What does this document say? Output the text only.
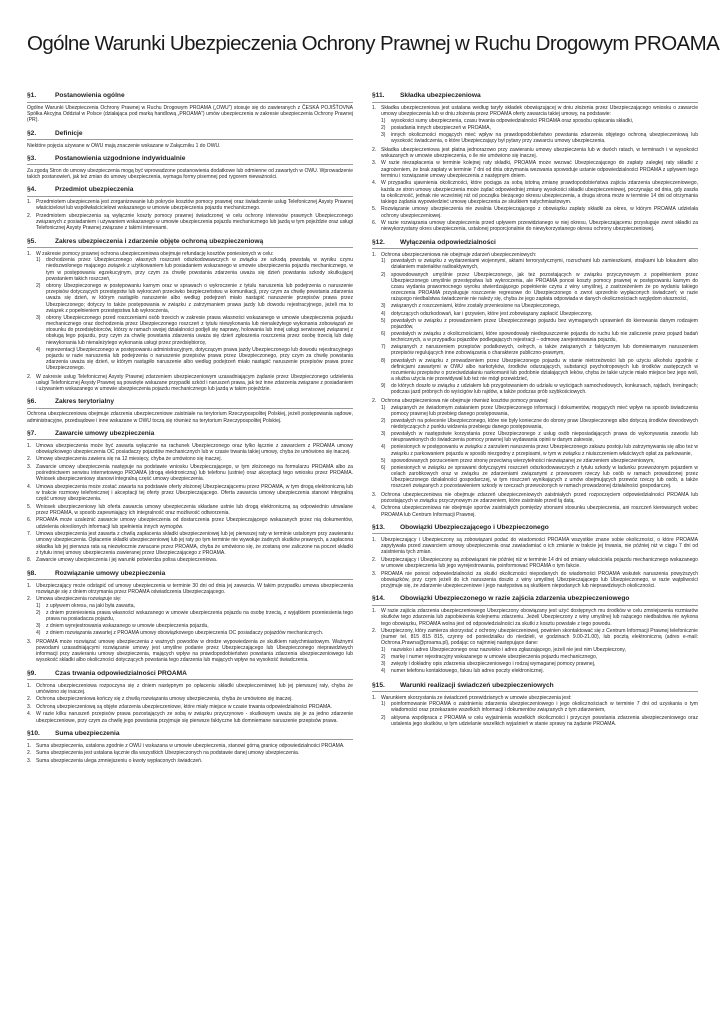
Ogólne Warunki Ubezpieczenia Ochrony Prawnej w Ruchu Drogowym PROAMA
§1.	Postanowienia ogólne

Ogólne Warunki Ubezpieczenia Ochrony Prawnej w Ruchu Drogowym PROAMA („OWU”) stosuje się do zawieranych z ČESKÁ POJIŠŤOVNA Spółka Akcyjna Oddział w Polsce (działająca pod marką handlową „PROAMA”) umów ubezpieczenia w zakresie ubezpieczenia Ochrony Prawnej (PR).

§2.	Definicje

Niektóre pojęcia używane w OWU mają znaczenie wskazane w Załączniku 1 do OWU.

§3.	Postanowienia uzgodnione indywidualnie

Za zgodą Stron do umowy ubezpieczenia mogą być wprowadzone postanowienia dodatkowe lub odmienne od zawartych w OWU. Wprowadzenie takich postanowień, jak też zmian do umowy ubezpieczenia, wymaga formy pisemnej pod rygorem nieważności.

§4.	Przedmiot ubezpieczenia
1. Przedmiotem ubezpieczenia jest zorganizowanie lub pokrycie kosztów pomocy prawnej oraz świadczenie usług Telefonicznej Asysty Prawnej właścicielowi lub współwłaścicielowi wskazanego w umowie ubezpieczenia pojazdu mechanicznego.
2. Przedmiotem ubezpieczenia są wyłącznie koszty pomocy prawnej świadczonej w celu ochrony interesów prawnych Ubezpieczonego związanych z posiadaniem i używaniem wskazanego w umowie ubezpieczenia pojazdu mechanicznego lub jazdą w tym pojeździe oraz usługi Telefonicznej Asysty Prawnej związane z takimi interesami.
§5.	Zakres ubezpieczenia i zdarzenie objęte ochroną ubezpieczeniową
1. W zakresie pomocy prawnej ochrona ubezpieczeniowa obejmuje refundację kosztów poniesionych w celu:
1)	dochodzenia przez Ubezpieczonego własnych roszczeń odszkodowawczych w związku ze szkodą powstałą w wyniku czynu niedozwolonego mającego związek z użytkowaniem lub posiadaniem wskazanego w umowie ubezpieczenia pojazdu mechanicznego, w tym w postępowaniu egzekucyjnym, przy czym za chwilę powstania zdarzenia uważa się dzień powstania szkody skutkującej powstaniem takich roszczeń,
2)	obrony Ubezpieczonego w postępowaniu karnym oraz w sprawach o wykroczenie z tytułu naruszenia lub podejrzenia o naruszenie przepisów dotyczących przestępstw lub wykroczeń przeciwko bezpieczeństwu w komunikacji, przy czym za chwilę powstania zdarzenia uważa się dzień, w którym nastąpiło naruszenie albo według podejrzeń miało nastąpić naruszenie przepisów prawa przez Ubezpieczonego; dotyczy to także postępowania w związku z zatrzymaniem prawa jazdy lub dowodu rejestracyjnego, jeżeli ma to związek z popełnieniem przestępstwa lub wykroczenia,
3)	obrony Ubezpieczonego przed roszczeniami osób trzecich w zakresie prawa własności wskazanego w umowie ubezpieczenia pojazdu mechanicznego oraz dochodzenia przez Ubezpieczonego roszczeń z tytułu niewykonania lub nienależytego wykonania zobowiązań ze stosunku do przedsiębiorców, którzy w ramach swojej działalności podjęli się naprawy, holowania lub innej usługi serwisowej związanej z obsługą tego pojazdu, przy czym za chwilę powstania zdarzenia uważa się dzień zgłoszenia roszczenia przez osobę trzecią lub datę niewykonania lub nienależytego wykonania usługi przez przedsiębiorcę,
4)	reprezentacji Ubezpieczonego w postępowaniu administracyjnym, dotyczącym prawa jazdy Ubezpieczonego lub dowodu rejestracyjnego pojazdu w razie naruszenia lub podejrzenia o naruszenie przepisów prawa przez Ubezpieczonego, przy czym za chwilę powstania zdarzenia uważa się dzień, w którym nastąpiło naruszenie albo według podejrzeń miało nastąpić naruszenie przepisów prawa przez Ubezpieczonego.
2. W zakresie usług Telefonicznej Asysty Prawnej zdarzeniem ubezpieczeniowym uzasadniającym żądanie przez Ubezpieczonego udzielenia usługi Telefonicznej Asysty Prawnej są powzięte wskazane przypadki szkód i naruszeń prawa, jak też inne zdarzenia związane z posiadaniem i używaniem wskazanego w umowie ubezpieczenia pojazdu mechanicznego lub jazdą w takim pojeździe.
§6.	Zakres terytorialny

Ochrona ubezpieczeniowa obejmuje zdarzenia ubezpieczeniowe zaistniałe na terytorium Rzeczypospolitej Polskiej, jeżeli postępowania sądowe, administracyjne, przedsądowe i inne wskazane w OWU toczą się również na terytorium Rzeczypospolitej Polskiej.

§7.	Zawarcie umowy ubezpieczenia
1. Umowa ubezpieczenia może być zawarta wyłącznie na rachunek Ubezpieczonego oraz tylko łącznie z zawarciem z PROAMA umowy obowiązkowego ubezpieczenia OC posiadaczy pojazdów mechanicznych lub w czasie trwania takiej umowy, chyba że umówiono się inaczej.
2. Umowę ubezpieczenia zawiera się na 12 miesięcy, chyba że umówiono się inaczej.
3. Zawarcie umowy ubezpieczenia następuje na podstawie wniosku Ubezpieczającego, w tym złożonego na formularzu PROAMA albo za pośrednictwem serwisu internetowego PROAMA (drogą elektroniczną) lub telefonu (ustnie) oraz akceptacji tego wniosku przez PROAMA. Wniosek ubezpieczeniowy stanowi integralną część umowy ubezpieczenia.
4. Umowa ubezpieczenia może zostać zawarta na podstawie oferty złożonej Ubezpieczającemu przez PROAMA, w tym drogą elektroniczną lub w trakcie rozmowy telefonicznej i akceptacji tej oferty przez Ubezpieczającego. Oferta zawarcia umowy ubezpieczenia stanowi integralną część umowy ubezpieczenia.
5. Wniosek ubezpieczeniowy lub oferta zawarcia umowy ubezpieczenia składane ustnie lub drogą elektroniczną są odpowiednio utrwalane przez PROAMA, w sposób zapewniający ich integralność oraz możliwość odtworzenia.
6. PROAMA może uzależnić zawarcie umowy ubezpieczenia od dostarczenia przez Ubezpieczającego wskazanych przez nią dokumentów, udzielenia określonych informacji lub spełnienia innych wymogów.
7. Umowa ubezpieczenia jest zawarta z chwilą zapłacenia składki ubezpieczeniowej lub jej pierwszej raty w terminie ustalonym przy zawieraniu umowy ubezpieczenia. Opłacenie składki ubezpieczeniowej lub jej raty po tym terminie nie wywołuje żadnych skutków prawnych, a zapłacona składka lub jej pierwsza rata są niezwłocznie zwracane przez PROAMA, chyba że umówiono się, że zostaną one zaliczone na poczet składki z tytułu innej umowy ubezpieczenia zawieranej przez Ubezpieczającego z PROAMA.
8. Zawarcie umowy ubezpieczenia i jej warunki potwierdza polisa ubezpieczeniowa.
§8.	Rozwiązanie umowy ubezpieczenia
1. Ubezpieczający może odstąpić od umowy ubezpieczenia w terminie 30 dni od dnia jej zawarcia. W takim przypadku umowa ubezpieczenia rozwiązuje się z dniem otrzymania przez PROAMA oświadczenia Ubezpieczającego.
2. Umowa ubezpieczenia rozwiązuje się:
1)	z upływem okresu, na jaki była zawarta,
2)	z dniem przeniesienia prawa własności wskazanego w umowie ubezpieczenia pojazdu na osobę trzecią, z wyjątkiem przeniesienia tego prawa na posiadacza pojazdu,
3)	z dniem wyrejestrowania wskazanego w umowie ubezpieczenia pojazdu,
4)	z dniem rozwiązania zawartej z PROAMA umowy obowiązkowego ubezpieczenia OC posiadaczy pojazdów mechanicznych.
3. PROAMA może rozwiązać umowę ubezpieczenia z ważnych powodów w drodze wypowiedzenia ze skutkiem natychmiastowym. Ważnymi powodami uzasadniającymi rozwiązanie umowy jest umyślne podanie przez Ubezpieczającego lub Ubezpieczonego nieprawdziwych informacji przy zawieraniu umowy ubezpieczenia, mających wpływ na prawdopodobieństwo powstania zdarzenia ubezpieczeniowego lub wysokość składki albo okoliczności dotyczących powstania tego zdarzenia lub mających wpływ na wysokość świadczenia.
§9.	Czas trwania odpowiedzialności PROAMA
1. Ochrona ubezpieczeniowa rozpoczyna się z dniem następnym po opłaceniu składki ubezpieczeniowej lub jej pierwszej raty, chyba że umówiono się inaczej.
2. Ochrona ubezpieczeniowa kończy się z chwilą rozwiązania umowy ubezpieczenia, chyba że umówiono się inaczej.
3. Ochroną ubezpieczeniową są objęte zdarzenia ubezpieczeniowe, które miały miejsce w czasie trwania odpowiedzialności PROAMA.
4. W razie kilku naruszeń przepisów prawa pozostających ze sobą w związku przyczynowo - skutkowym uważa się je za jedno zdarzenie ubezpieczeniowe, przy czym za chwilę jego powstania przyjmuje się pierwsze faktyczne lub domniemane naruszenie przepisów prawa.
§10.	Suma ubezpieczenia
1. Suma ubezpieczenia, ustalona zgodnie z OWU i wskazana w umowie ubezpieczenia, stanowi górną granicę odpowiedzialności PROAMA.
2. Suma ubezpieczenia jest ustalana łącznie dla wszystkich Ubezpieczonych na podstawie danej umowy ubezpieczenia.
3. Suma ubezpieczenia ulega zmniejszeniu o kwoty wypłaconych świadczeń.
§11.	Składka ubezpieczeniowa
1. Składka ubezpieczeniowa jest ustalana według taryfy składek obowiązującej w dniu złożenia przez Ubezpieczającego wniosku o zawarcie umowy ubezpieczenia lub w dniu złożenia przez PROAMA oferty zawarcia takiej umowy, na podstawie:
1)	wysokości sumy ubezpieczenia, czasu trwania odpowiedzialności PROAMA oraz sposobu opłacania składki,
2)	posiadania innych ubezpieczeń w PROAMA,
3)	innych okoliczności mogących mieć wpływ na prawdopodobieństwo powstania zdarzenia objętego ochroną ubezpieczeniową lub wysokość świadczenia, o które Ubezpieczający był pytany przy zawarciu umowy ubezpieczenia.
2. Składka ubezpieczeniowa jest płatna jednorazowo przy zawieraniu umowy ubezpieczenia lub w dwóch ratach, w terminach i w wysokości wskazanych w umowie ubezpieczenia, o ile nie umówiono się inaczej.
3. W razie niezapłacenia w terminie kolejnej raty składki, PROAMA może wezwać Ubezpieczającego do zapłaty zaległej raty składki z zagrożeniem, że brak zapłaty w terminie 7 dni od dnia otrzymania wezwania spowoduje ustanie odpowiedzialności PROAMA z upływem tego terminu i rozwiązanie umowy ubezpieczenia z następnym dniem.
4. W przypadku ujawnienia okoliczności, które pociąga za sobą istotną zmianę prawdopodobieństwa zajścia zdarzenia ubezpieczeniowego, każda ze stron umowy ubezpieczenia może żądać odpowiedniej zmiany wysokości składki ubezpieczeniowej, poczynając od dnia, gdy zaszła ta okoliczność, jednak nie wcześniej niż od początku bieżącego okresu ubezpieczenia, a druga strona może w terminie 14 dni od otrzymania takiego żądania wypowiedzieć umowę ubezpieczenia ze skutkiem natychmiastowym.
5. Rozwiązanie umowy ubezpieczenia nie zwalnia Ubezpieczającego z obowiązku zapłaty składki za okres, w którym PROAMA udzielała ochrony ubezpieczeniowej.
6. W razie rozwiązania umowy ubezpieczenia przed upływem przewidzianego w niej okresu, Ubezpieczającemu przysługuje zwrot składki za niewykorzystany okres ubezpieczenia, ustalonej proporcjonalnie do niewykorzystanego okresu ochrony ubezpieczeniowej.
§12.	Wyłączenia odpowiedzialności
1. Ochrona ubezpieczeniowa nie obejmuje zdarzeń ubezpieczeniowych:
1)	powstałych w związku z wydarzeniami wojennymi, aktami terrorystycznymi, rozruchami lub zamieszkami, strajkami lub lokautem albo działaniem materiałów radioaktywnych,
2)	spowodowanych umyślnie przez Ubezpieczonego, jak też pozostających w związku przyczynowym z popełnieniem przez Ubezpieczonego umyślnie przestępstwa lub wykroczenia, ale PROAMA ponosi koszty pomocy prawnej w postępowaniu karnym do czasu wydania prawomocnego wyroku stwierdzającego popełnienie czynu z winy umyślnej, z zastrzeżeniem że po wydaniu takiego orzeczenia PROAMA przysługuje roszczenie regresowe do Ubezpieczonego o zwrot uprzednio wypłaconych świadczeń; w razie rażącego niedbalstwa świadczenie nie należy się, chyba że jego zapłata odpowiada w danych okolicznościach względom słuszności,
3)	związanych z roszczeniami, które zostały przeniesione na Ubezpieczonego,
4)	dotyczących odszkodowań, kar i grzywien, które jest zobowiązany zapłacić Ubezpieczony,
5)	powstałych w związku z prowadzeniem przez Ubezpieczonego pojazdu bez wymaganych uprawnień do kierowania danym rodzajem pojazdów,
6)	powstałych w związku z okolicznościami, które spowodowały niedopuszczenie pojazdu do ruchu lub nie zaliczenie przez pojazd badań technicznych, a w przypadku pojazdów podlegających rejestracji – odmowę zarejestrowania pojazdu,
7)	związanych z naruszeniem przepisów podatkowych, celnych, a także związanych z faktycznym lub domniemanym naruszeniem przepisów regulujących inne zobowiązania o charakterze publiczno-prawnym,
8)	powstałych w związku z prowadzeniem przez Ubezpieczonego pojazdu w stanie nietrzeźwości lub po użyciu alkoholu zgodnie z definicjami zawartymi w OWU albo narkotyków, środków odurzających, substancji psychotropowych lub środków zastępczych w rozumieniu przepisów o przeciwdziałaniu narkomanii lub podobnie działających leków, chyba że takie użycie miało miejsce bez jego woli, a służba użycia nie przewidywał lub też nie mógł przewidzieć,
9)	do których doszło w związku z udziałem lub przygotowaniem do udziału w wyścigach samochodowych, konkursach, rajdach, treningach; podczas jazd próbnych do wyścigów lub rajdów, a także podczas prób szybkościowych.
2. Ochrona ubezpieczeniowa nie obejmuje również kosztów pomocy prawnej:
1)	związanych ze świadomym zataianiem przez Ubezpieczonego informacji i dokumentów, mogących mieć wpływ na sposób świadczenia pomocy prawnej lub przebieg danego postępowania,
2)	powstałych na polecenie Ubezpieczonego, które nie były konieczne do obrony praw Ubezpieczonego albo dotyczą środków dowodowych niedotyczących z punktu widzenia przebiegu danego postępowania,
3)	powstałych w następstwie korzystania przez Ubezpieczonego z usług osób nieposiadających prawa do wykonywania zawodu lub nieuprawnionych do świadczenia pomocy prawnej lub wydawania opinii w danym zakresie,
4)	poniesionych w postępowaniu w związku z zarzutem naruszenia przez Ubezpieczonego zakazu postoju lub zatrzymywania się albo też w związku z parkowaniem pojazdu w sposób niezgodny z przepisami, w tym w związku z niuiszczeniem właściwych opłat za parkowanie,
5)	spowodowanych porzuceniem przez stronę przeciwną wierzytelności niezwiązanej ze zdarzeniem ubezpieczeniowym,
6)	poniesionych w związku ze sprawami dotyczącymi roszczeń odszkodowawczych z tytułu szkody w ładunku przewożonym pojazdem w celach zarobkowych oraz w związku ze zdarzeniami związanymi z przewozem rzeczy lub osób w ramach prowadzonej przez Ubezpieczonego działalności gospodarczej, w tym roszczeń wynikających z umów obejmujących przewóz rzeczy lub osób, a także roszczeń związanych z pozostawieniem szkody w rzeczach przewożonych w ramach prowadzonej działalności gospodarczej.
3. Ochrona ubezpieczeniowa nie obejmuje zdarzeń ubezpieczeniowych zaistniałych przed rozpoczęciem odpowiedzialności PROAMA lub pozostających w związku przyczynowym ze zdarzeniem, które zaistniało przed tą datą.
4. Ochrona ubezpieczeniowa nie obejmuje sporów zaistniałych pomiędzy stronami stosunku ubezpieczenia, ani roszczeń kierowanych wobec PROAMA lub Centrum Informacji Prawnej.
§13.	Obowiązki Ubezpieczającego i Ubezpieczonego
1. Ubezpieczający i Ubezpieczony są zobowiązani podać do wiadomości PROAMA wszystkie znane sobie okoliczności, o które PROAMA zapytywała przed zawarciem umowy ubezpieczenia oraz zawiadamiać o ich zmianie w trakcie jej trwania, nie później niż w ciągu 7 dni od zaistnienia tych zmian.
2. Ubezpieczający i Ubezpieczony są zobowiązani nie później niż w terminie 14 dni od zmiany właściciela pojazdu mechanicznego wskazanego w umowie ubezpieczenia lub jego wyrejestrowania, poinformować PROAMA o tym fakcie.
3. PROAMA nie ponosi odpowiedzialności za skutki okoliczności niepodanych do wiadomości PROAMA wskutek naruszenia powyższych obowiązków, przy czym jeżeli do ich naruszenia doszło z winy umyślnej Ubezpieczającego lub Ubezpieczonego, w razie wątpliwości przyjmuje się, że zdarzenie ubezpieczeniowe i jego następstwa są skutkiem niepodanych lub nieprawdziwych okoliczności.
§14.	Obowiązki Ubezpieczonego w razie zajścia zdarzenia ubezpieczeniowego
1. W razie zajścia zdarzenia ubezpieczeniowego Ubezpieczony obowiązany jest użyć dostępnych mu środków w celu zmniejszenia rozmiarów skutków tego zdarzenia lub zapobieżenia kolejnemu zdarzeniu. Jeżeli Ubezpieczony z winy umyślnej lub rażącego niedbalstwa nie wykona tego obowiązku, PROAMA wolna jest od odpowiedzialności za skutki z kosztu powstałe z tego powodu.
2. Ubezpieczony, który zamierza skorzystać z ochrony ubezpieczeniowej, powinien skontaktować się z Centrum Informacji Prawnej telefonicznie (numer tel. 815 815 815, czynny od poniedziałku do niedzieli, w godzinach 9.00-21.00), lub pocztą elektroniczną (adres e-mail: Ochrona.Prawna@proama.pl), podając co najmniej następujące dane:
1)	nazwisko i adres Ubezpieczonego oraz nazwisko i adres zgłaszającego, jeżeli nie jest nim Ubezpieczony,
2)	markę i numer rejestracyjny wskazanego w umowie ubezpieczenia pojazdu mechanicznego,
3)	zwięzły i dokładny opis zdarzenia ubezpieczeniowego i rodzaj wymaganej pomocy prawnej,
4)	numer telefonu kontaktowego, faksu lub adres poczty elektronicznej.
§15.	Warunki realizacji świadczeń ubezpieczeniowych
1. Warunkiem skorzystania ze świadczeń przewidzianych w umowie ubezpieczenia jest:
1)	poinformowanie PROAMA o zaistnieniu zdarzenia ubezpieczeniowego i jego okolicznościach w terminie 7 dni od uzyskania o tym wiadomości oraz przekazanie wszelkich informacji i dokumentów związanych z tym zdarzeniem,
2)	aktywna współpraca z PROAMA w celu wyjaśnienia wszelkich okoliczności i przyczyn powstania zdarzenia ubezpieczeniowego oraz ustalenia jego skutków, w tym udzielanie wszelkich wyjaśnień w stanie sprawy na żądanie PROAMA.
